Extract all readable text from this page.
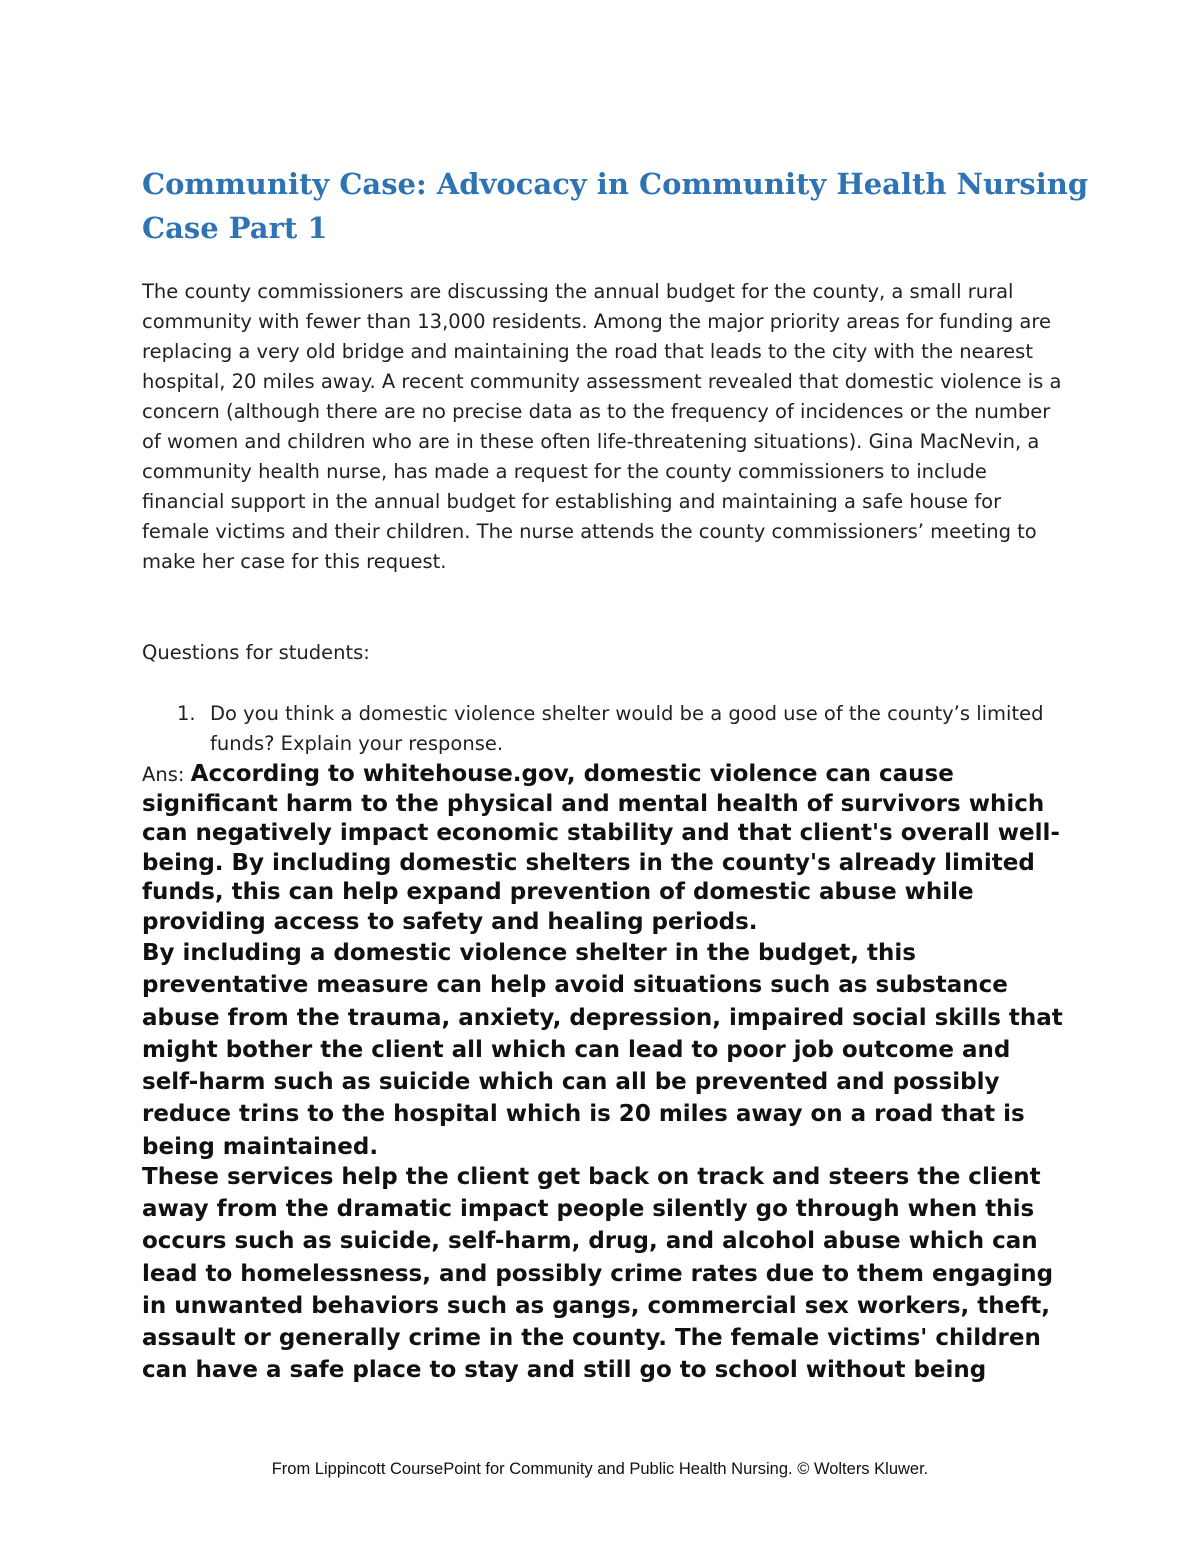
Community Case: Advocacy in Community Health Nursing
Case Part 1

The county commissioners are discussing the annual budget for the county, a small rural community with fewer than 13,000 residents. Among the major priority areas for funding are replacing a very old bridge and maintaining the road that leads to the city with the nearest hospital, 20 miles away. A recent community assessment revealed that domestic violence is a concern (although there are no precise data as to the frequency of incidences or the number of women and children who are in these often life-threatening situations). Gina MacNevin, a community health nurse, has made a request for the county commissioners to include financial support in the annual budget for establishing and maintaining a safe house for female victims and their children. The nurse attends the county commissioners’ meeting to make her case for this request.

Questions for students:

1. Do you think a domestic violence shelter would be a good use of the county’s limited funds? Explain your response.

Ans: According to whitehouse.gov, domestic violence can cause significant harm to the physical and mental health of survivors which can negatively impact economic stability and that client's overall well-being. By including domestic shelters in the county's already limited funds, this can help expand prevention of domestic abuse while providing access to safety and healing periods.

By including a domestic violence shelter in the budget, this preventative measure can help avoid situations such as substance abuse from the trauma, anxiety, depression, impaired social skills that might bother the client all which can lead to poor job outcome and self-harm such as suicide which can all be prevented and possibly reduce trins to the hospital which is 20 miles away on a road that is being maintained.

These services help the client get back on track and steers the client away from the dramatic impact people silently go through when this occurs such as suicide, self-harm, drug, and alcohol abuse which can lead to homelessness, and possibly crime rates due to them engaging in unwanted behaviors such as gangs, commercial sex workers, theft, assault or generally crime in the county. The female victims' children can have a safe place to stay and still go to school without being

From Lippincott CoursePoint for Community and Public Health Nursing. © Wolters Kluwer.
